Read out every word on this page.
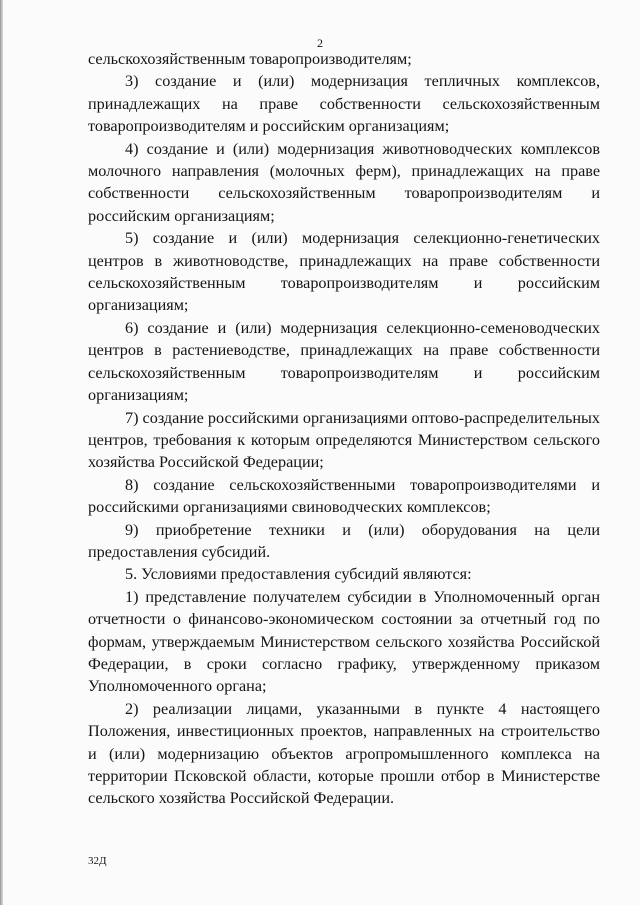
2

сельскохозяйственным товаропроизводителям;

3) создание и (или) модернизация тепличных комплексов, принадлежащих на праве собственности сельскохозяйственным товаропроизводителям и российским организациям;

4) создание и (или) модернизация животноводческих комплексов молочного направления (молочных ферм), принадлежащих на праве собственности сельскохозяйственным товаропроизводителям и российским организациям;

5) создание и (или) модернизация селекционно-генетических центров в животноводстве, принадлежащих на праве собственности сельскохозяйственным товаропроизводителям и российским организациям;

6) создание и (или) модернизация селекционно-семеноводческих центров в растениеводстве, принадлежащих на праве собственности сельскохозяйственным товаропроизводителям и российским организациям;

7) создание российскими организациями оптово-распределительных центров, требования к которым определяются Министерством сельского хозяйства Российской Федерации;

8) создание сельскохозяйственными товаропроизводителями и российскими организациями свиноводческих комплексов;

9) приобретение техники и (или) оборудования на цели предоставления субсидий.

5. Условиями предоставления субсидий являются:

1) представление получателем субсидии в Уполномоченный орган отчетности о финансово-экономическом состоянии за отчетный год по формам, утверждаемым Министерством сельского хозяйства Российской Федерации, в сроки согласно графику, утвержденному приказом Уполномоченного органа;

2) реализации лицами, указанными в пункте 4 настоящего Положения, инвестиционных проектов, направленных на строительство и (или) модернизацию объектов агропромышленного комплекса на территории Псковской области, которые прошли отбор в Министерстве сельского хозяйства Российской Федерации.

32Д
